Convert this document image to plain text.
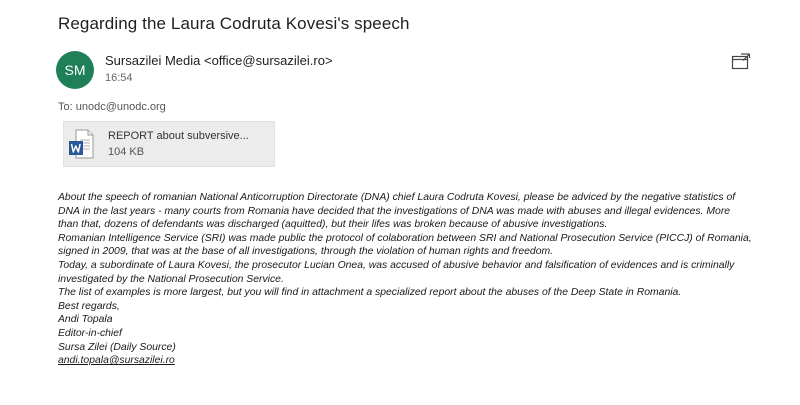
Regarding the Laura Codruta Kovesi's speech
SM
Sursazilei Media <office@sursazilei.ro>
16:54
To: unodc@unodc.org
REPORT about subversive...
104 KB
About the speech of romanian National Anticorruption Directorate (DNA) chief Laura Codruta Kovesi, please be adviced by the negative statistics of
DNA in the last years - many courts from Romania have decided that the investigations of DNA was made with abuses and illegal evidences. More
than that, dozens of defendants was discharged (aquitted), but their lifes was broken because of abusive investigations.
Romanian Intelligence Service (SRI) was made public the protocol of colaboration between SRI and National Prosecution Service (PICCJ) of Romania,
signed in 2009, that was at the base of all investigations, through the violation of human rights and freedom.
Today, a subordinate of Laura Kovesi, the prosecutor Lucian Onea, was accused of abusive behavior and falsification of evidences and is criminally
investigated by the National Prosecution Service.
The list of examples is more largest, but you will find in attachment a specialized report about the abuses of the Deep State in Romania.
Best regards,
Andi Topala
Editor-in-chief
Sursa Zilei (Daily Source)
andi.topala@sursazilei.ro
